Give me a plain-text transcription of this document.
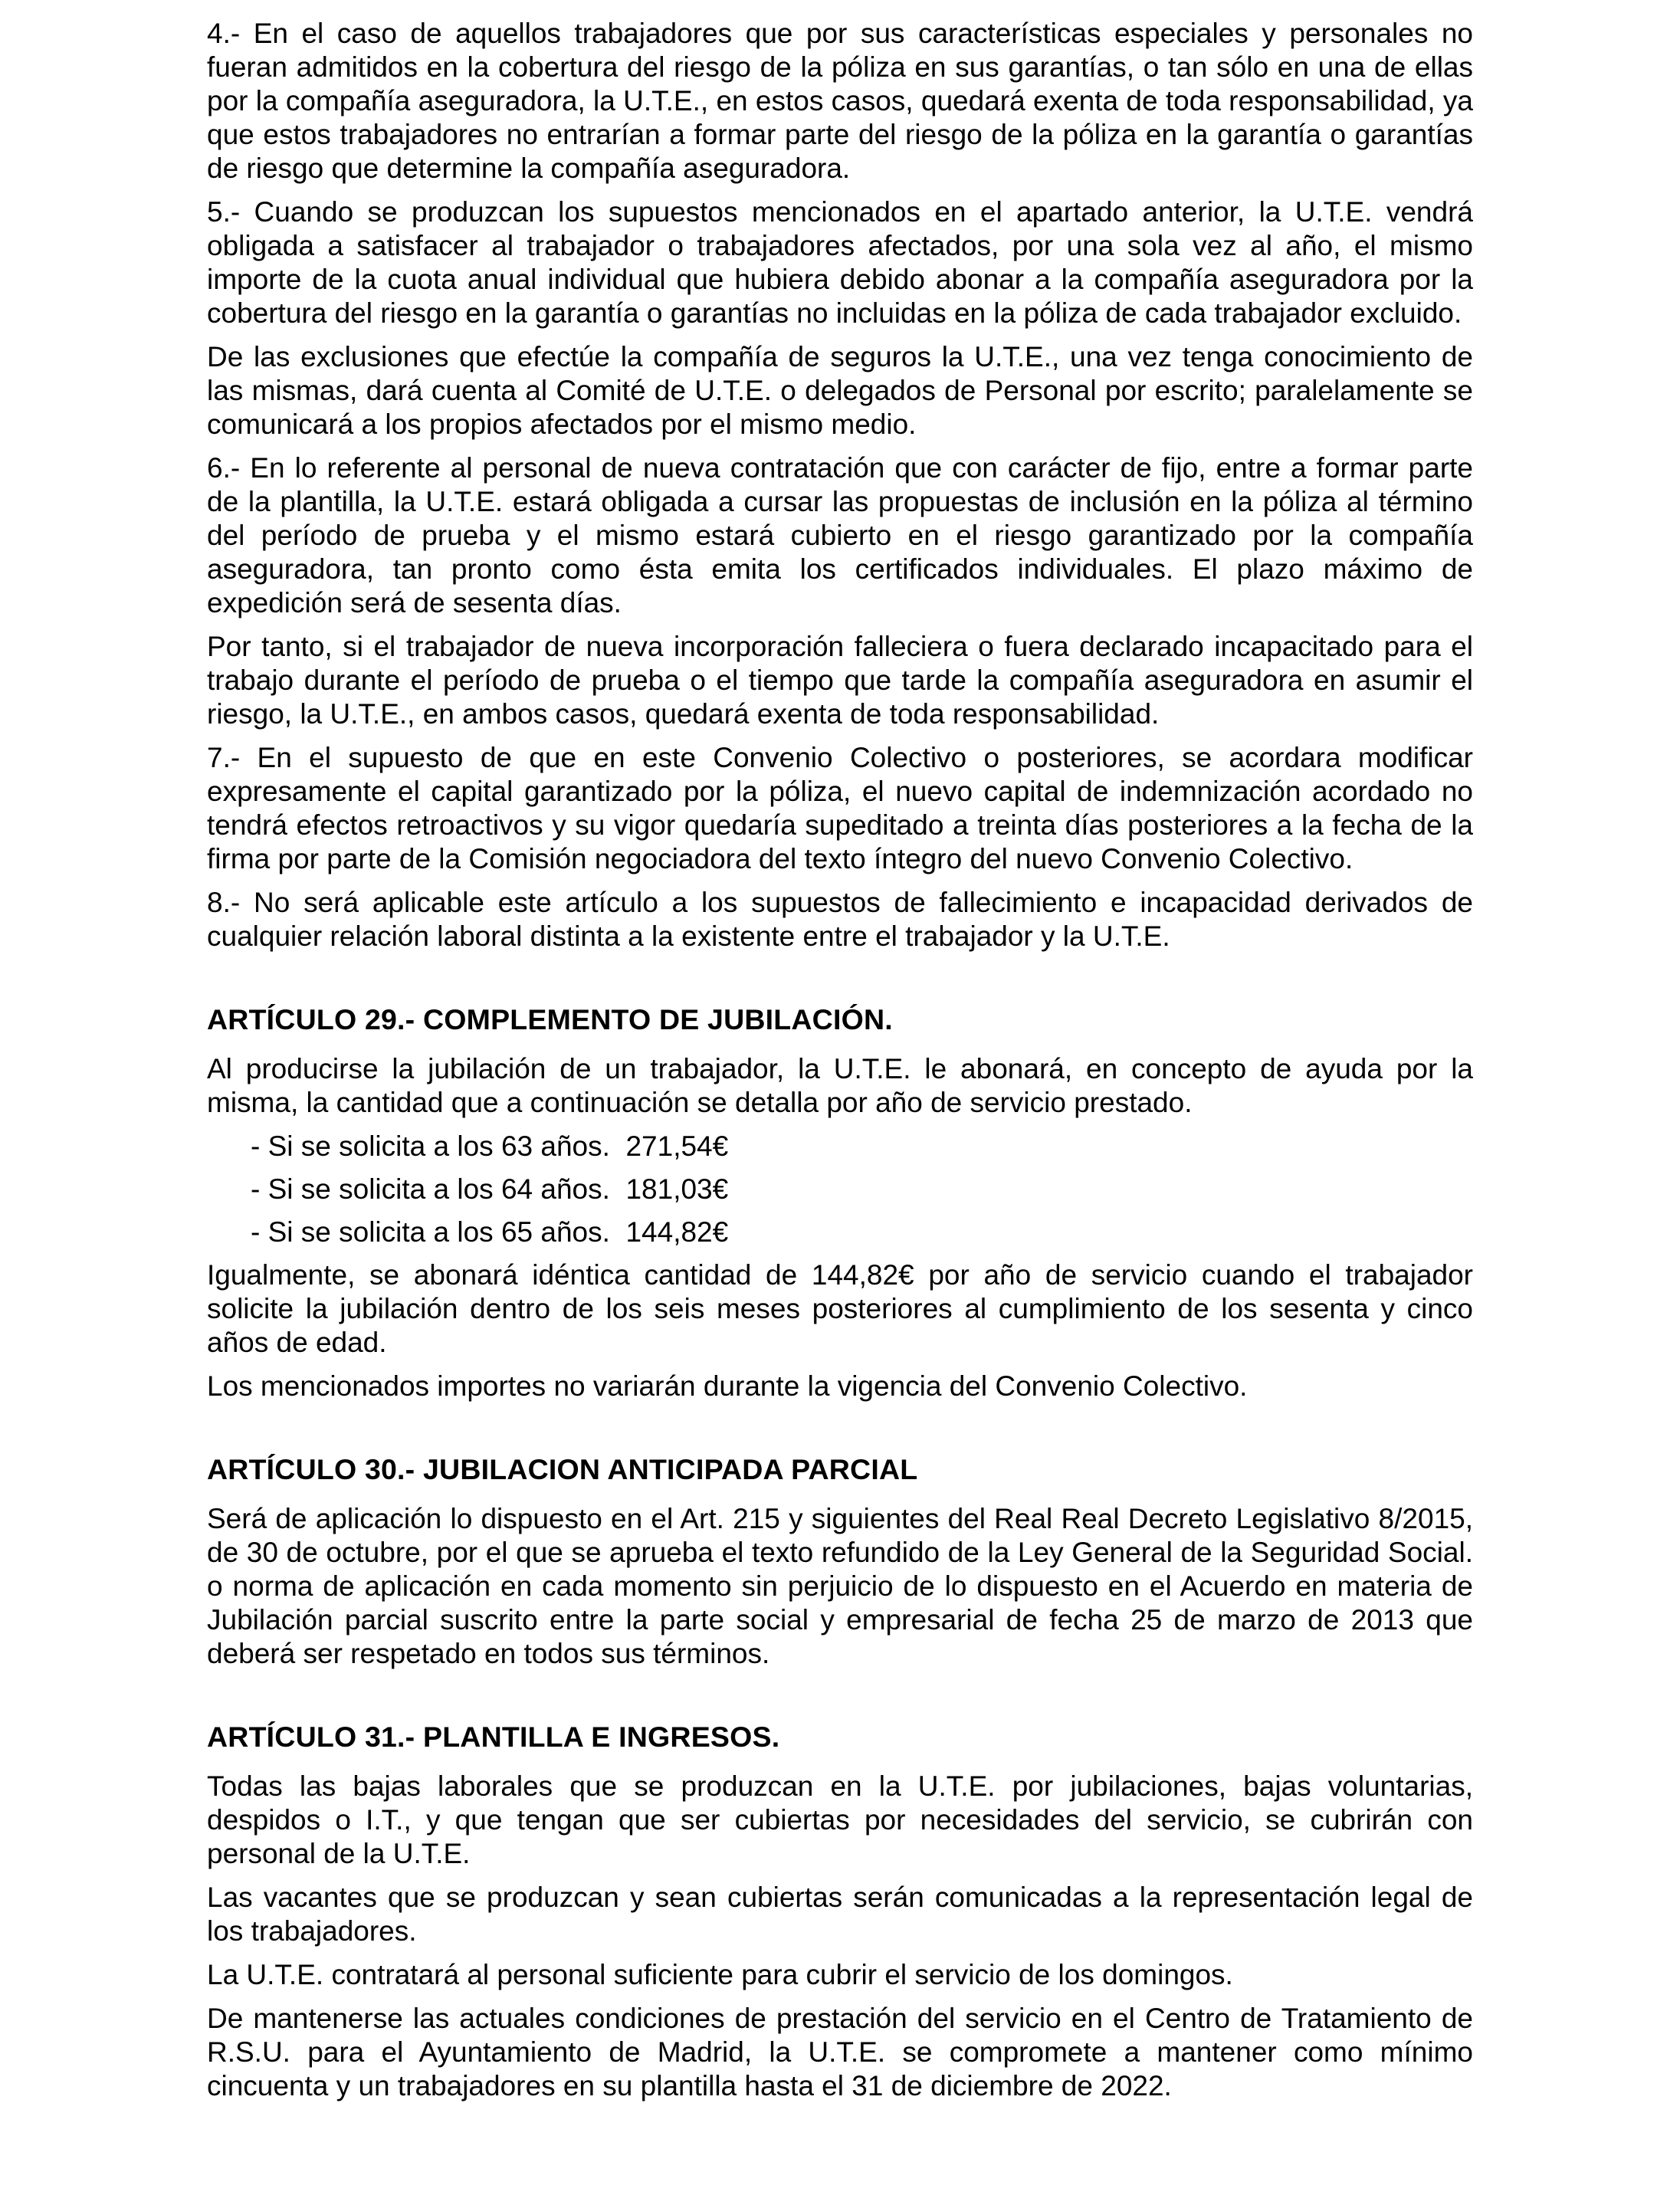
4.- En el caso de aquellos trabajadores que por sus características especiales y personales no fueran admitidos en la cobertura del riesgo de la póliza en sus garantías, o tan sólo en una de ellas por la compañía aseguradora, la U.T.E., en estos casos, quedará exenta de toda responsabilidad, ya que estos trabajadores no entrarían a formar parte del riesgo de la póliza en la garantía o garantías de riesgo que determine la compañía aseguradora.

5.- Cuando se produzcan los supuestos mencionados en el apartado anterior, la U.T.E. vendrá obligada a satisfacer al trabajador o trabajadores afectados, por una sola vez al año, el mismo importe de la cuota anual individual que hubiera debido abonar a la compañía aseguradora por la cobertura del riesgo en la garantía o garantías no incluidas en la póliza de cada trabajador excluido.

De las exclusiones que efectúe la compañía de seguros la U.T.E., una vez tenga conocimiento de las mismas, dará cuenta al Comité de U.T.E. o delegados de Personal por escrito; paralelamente se comunicará a los propios afectados por el mismo medio.

6.- En lo referente al personal de nueva contratación que con carácter de fijo, entre a formar parte de la plantilla, la U.T.E. estará obligada a cursar las propuestas de inclusión en la póliza al término del período de prueba y el mismo estará cubierto en el riesgo garantizado por la compañía aseguradora, tan pronto como ésta emita los certificados individuales. El plazo máximo de expedición será de sesenta días.

Por tanto, si el trabajador de nueva incorporación falleciera o fuera declarado incapacitado para el trabajo durante el período de prueba o el tiempo que tarde la compañía aseguradora en asumir el riesgo, la U.T.E., en ambos casos, quedará exenta de toda responsabilidad.

7.- En el supuesto de que en este Convenio Colectivo o posteriores, se acordara modificar expresamente el capital garantizado por la póliza, el nuevo capital de indemnización acordado no tendrá efectos retroactivos y su vigor quedaría supeditado a treinta días posteriores a la fecha de la firma por parte de la Comisión negociadora del texto íntegro del nuevo Convenio Colectivo.

8.- No será aplicable este artículo a los supuestos de fallecimiento e incapacidad derivados de cualquier relación laboral distinta a la existente entre el trabajador y la U.T.E.

ARTÍCULO 29.- COMPLEMENTO DE JUBILACIÓN.

Al producirse la jubilación de un trabajador, la U.T.E. le abonará, en concepto de ayuda por la misma, la cantidad que a continuación se detalla por año de servicio prestado.

- Si se solicita a los 63 años.  271,54€

- Si se solicita a los 64 años.  181,03€

- Si se solicita a los 65 años.  144,82€

Igualmente, se abonará idéntica cantidad de 144,82€ por año de servicio cuando el trabajador solicite la jubilación dentro de los seis meses posteriores al cumplimiento de los sesenta y cinco años de edad.

Los mencionados importes no variarán durante la vigencia del Convenio Colectivo.

ARTÍCULO 30.- JUBILACION ANTICIPADA PARCIAL

Será de aplicación lo dispuesto en el Art. 215 y siguientes del Real Real Decreto Legislativo 8/2015, de 30 de octubre, por el que se aprueba el texto refundido de la Ley General de la Seguridad Social. o norma de aplicación en cada momento sin perjuicio de lo dispuesto en el Acuerdo en materia de Jubilación parcial suscrito entre la parte social y empresarial de fecha 25 de marzo de 2013 que deberá ser respetado en todos sus términos.

ARTÍCULO 31.- PLANTILLA E INGRESOS.

Todas las bajas laborales que se produzcan en la U.T.E. por jubilaciones, bajas voluntarias, despidos o I.T., y que tengan que ser cubiertas por necesidades del servicio, se cubrirán con personal de la U.T.E.

Las vacantes que se produzcan y sean cubiertas serán comunicadas a la representación legal de los trabajadores.

La U.T.E. contratará al personal suficiente para cubrir el servicio de los domingos.

De mantenerse las actuales condiciones de prestación del servicio en el Centro de Tratamiento de R.S.U. para el Ayuntamiento de Madrid, la U.T.E. se compromete a mantener como mínimo cincuenta y un trabajadores en su plantilla hasta el 31 de diciembre de 2022.
